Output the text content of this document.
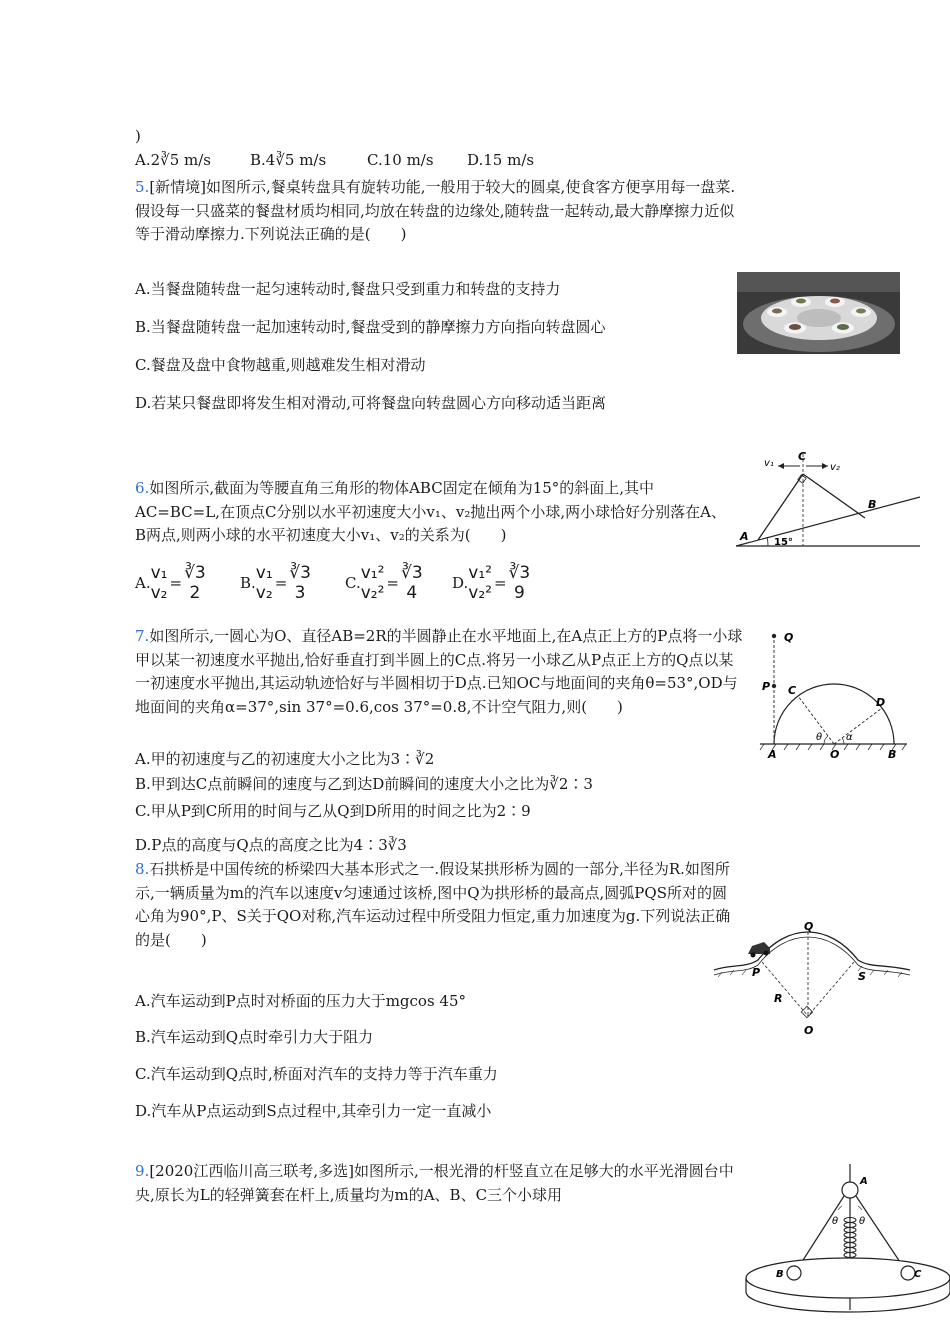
)
A.2∛5 m/s	B.4∛5 m/s	C.10 m/s D.15 m/s
5.[新情境]如图所示,餐桌转盘具有旋转功能,一般用于较大的圆桌,使食客方便享用每一盘菜.假设每一只盛菜的餐盘材质均相同,均放在转盘的边缘处,随转盘一起转动,最大静摩擦力近似等于滑动摩擦力.下列说法正确的是(　　)
A.当餐盘随转盘一起匀速转动时,餐盘只受到重力和转盘的支持力
B.当餐盘随转盘一起加速转动时,餐盘受到的静摩擦力方向指向转盘圆心
C.餐盘及盘中食物越重,则越难发生相对滑动
D.若某只餐盘即将发生相对滑动,可将餐盘向转盘圆心方向移动适当距离
6.如图所示,截面为等腰直角三角形的物体ABC固定在倾角为15°的斜面上,其中AC=BC=L,在顶点C分别以水平初速度大小v₁、v₂抛出两个小球,两小球恰好分别落在A、B两点,则两小球的水平初速度大小v₁、v₂的关系为(　　)
A. v₁
v₂ = ∛3
2	B. v₁
v₂ = ∛3
3	C. v₁²
v₂² = ∛3
4	D. v₁²
v₂² = ∛3
9
v₁	v₂
C
B
A	15°
7.如图所示,一圆心为O、直径AB=2R的半圆静止在水平地面上,在A点正上方的P点将一小球甲以某一初速度水平抛出,恰好垂直打到半圆上的C点.将另一小球乙从P点正上方的Q点以某一初速度水平抛出,其运动轨迹恰好与半圆相切于D点.已知OC与地面间的夹角θ=53°,OD与地面间的夹角α=37°,sin 37°=0.6,cos 37°=0.8,不计空气阻力,则(　　)
A.甲的初速度与乙的初速度大小之比为3∶∛2
B.甲到达C点前瞬间的速度与乙到达D前瞬间的速度大小之比为∛2∶3
C.甲从P到C所用的时间与乙从Q到D所用的时间之比为2∶9
D.P点的高度与Q点的高度之比为4∶3∛3
Q
P C
D
A	O	B
θ α
8.石拱桥是中国传统的桥梁四大基本形式之一.假设某拱形桥为圆的一部分,半径为R.如图所示,一辆质量为m的汽车以速度v匀速通过该桥,图中Q为拱形桥的最高点,圆弧PQS所对的圆心角为90°,P、S关于QO对称,汽车运动过程中所受阻力恒定,重力加速度为g.下列说法正确的是(　　)
A.汽车运动到P点时对桥面的压力大于mgcos 45°
B.汽车运动到Q点时牵引力大于阻力
C.汽车运动到Q点时,桥面对汽车的支持力等于汽车重力
D.汽车从P点运动到S点过程中,其牵引力一定一直减小
Q
P	S
R
O
9.[2020江西临川高三联考,多选]如图所示,一根光滑的杆竖直立在足够大的水平光滑圆台中央,原长为L的轻弹簧套在杆上,质量均为m的A、B、C三个小球用
A
B	C
θ θ
